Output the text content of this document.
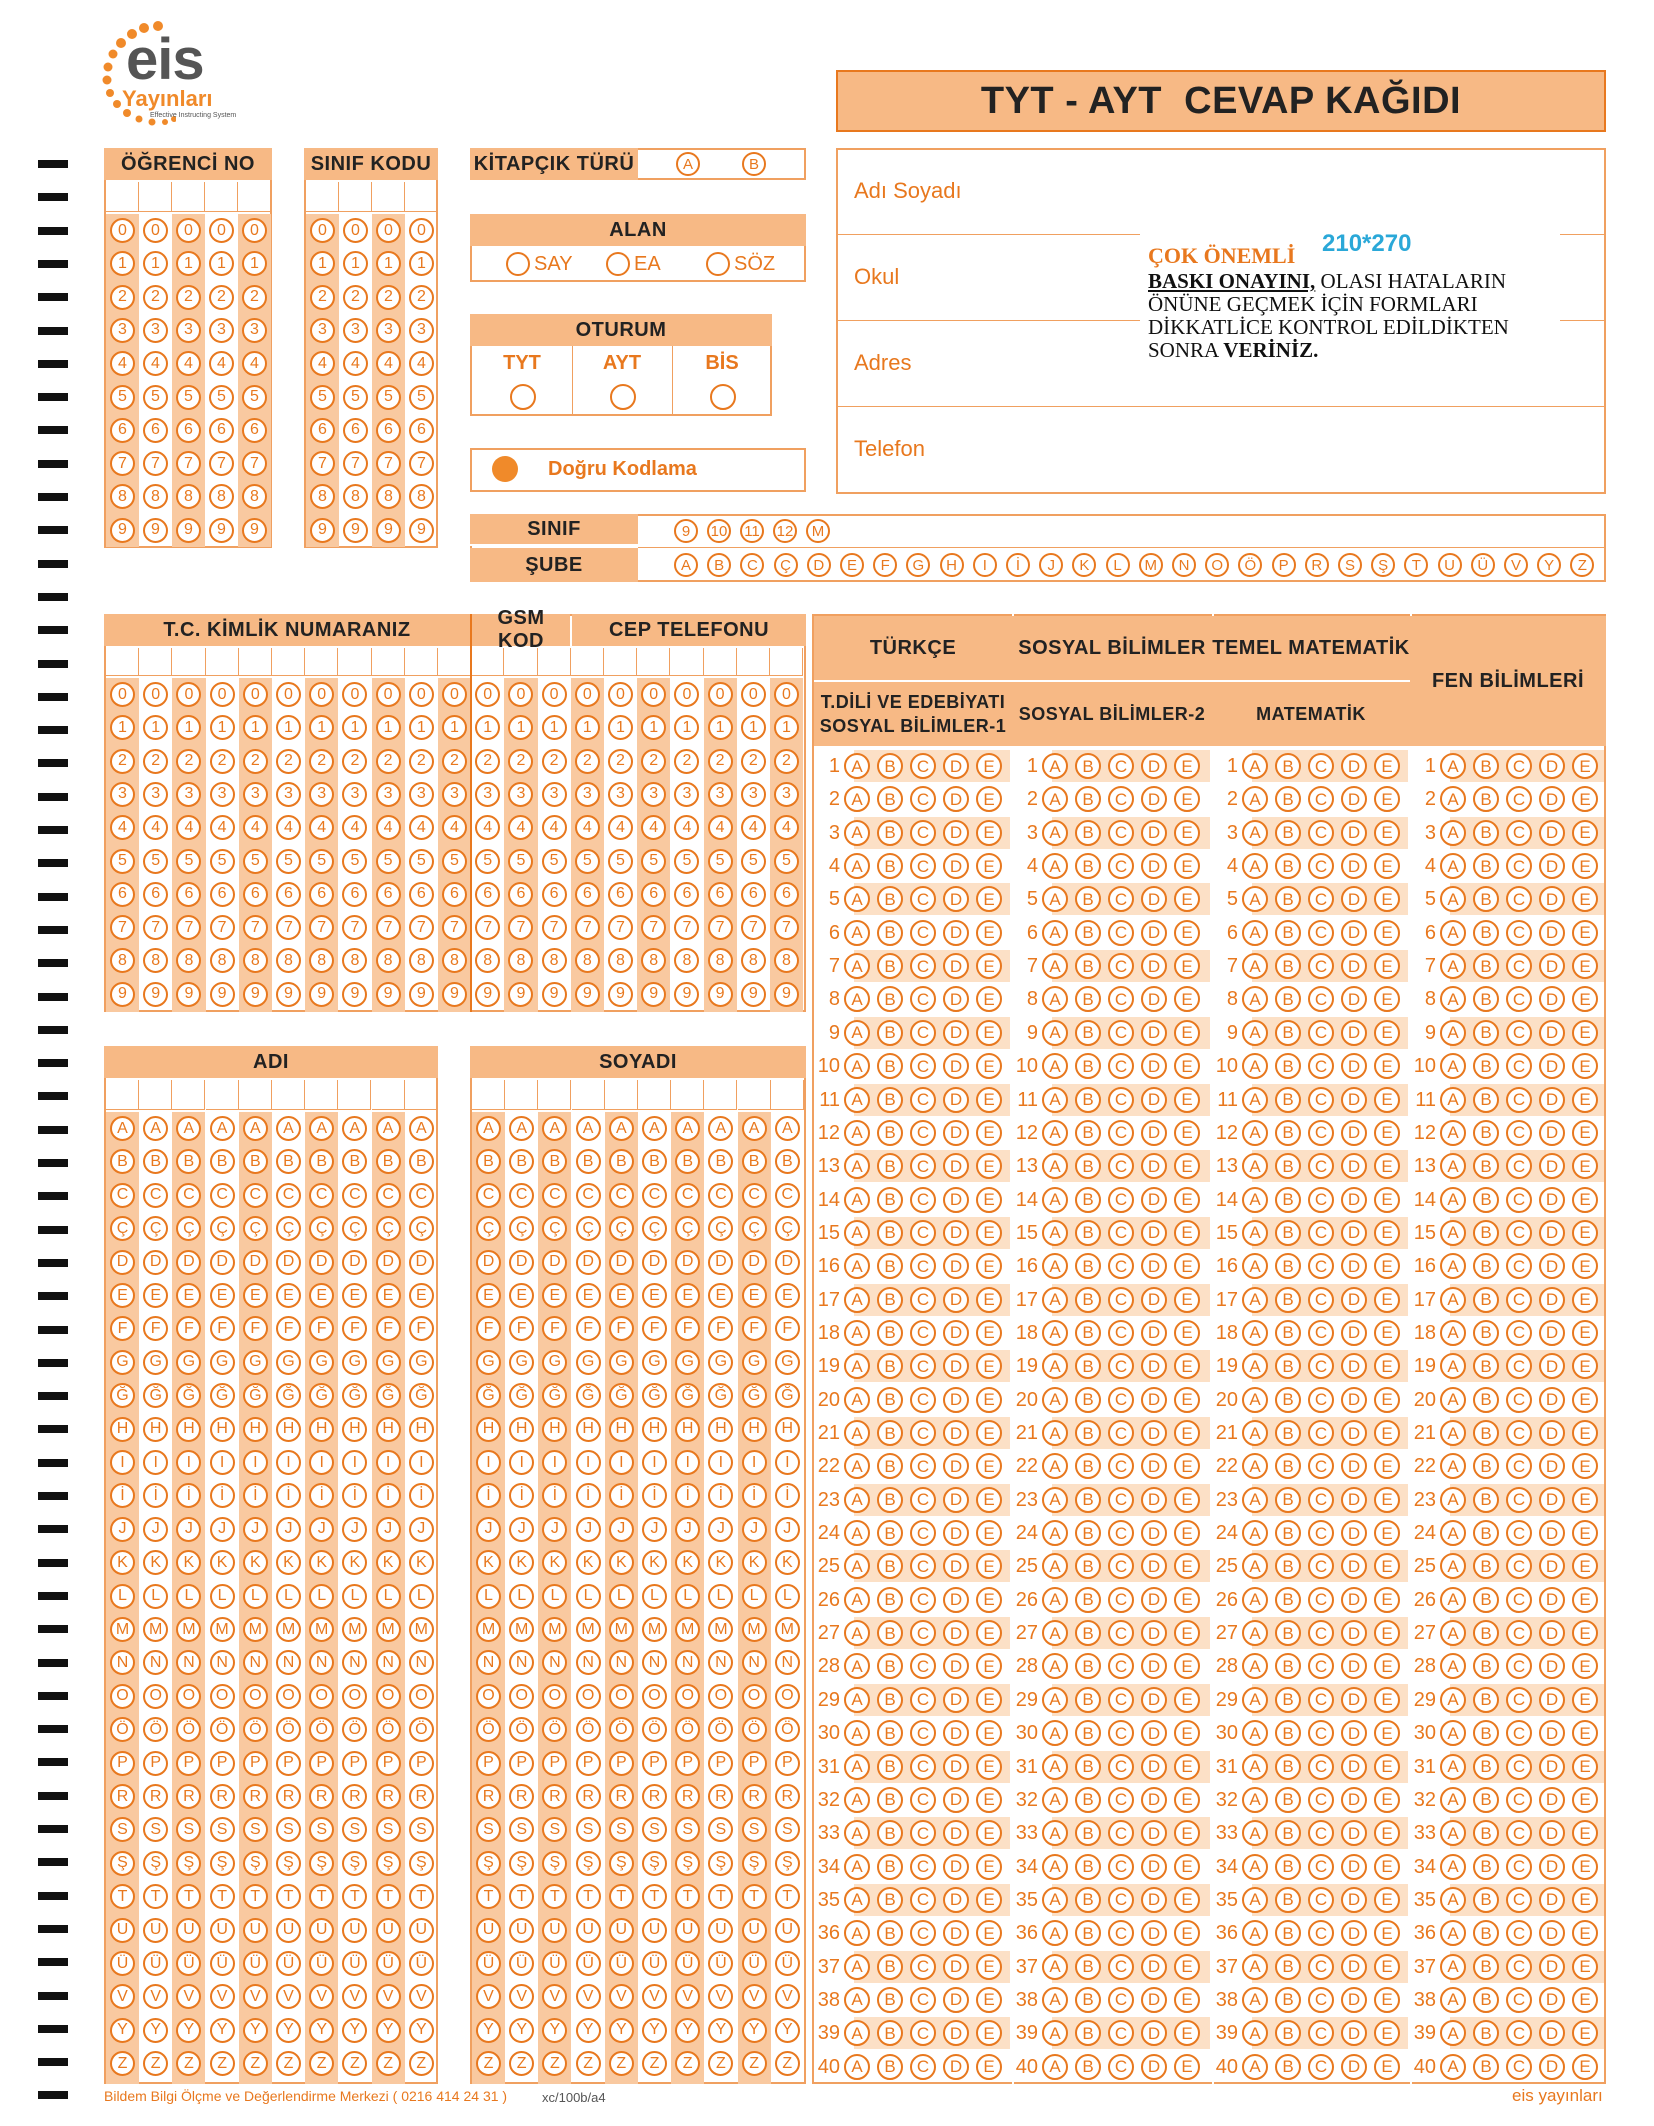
eis
Yayınları
Effective Instructing System	TYT - AYT  CEVAP KAĞIDI
ÖĞRENCİ NO
0	0	0	0	0
1	1	1	1	1
2	2	2	2	2
3	3	3	3	3
4	4	4	4	4
5	5	5	5	5
6	6	6	6	6
7	7	7	7	7
8	8	8	8	8
9	9	9	9	9
SINIF KODU
0	0	0	0
1	1	1	1
2	2	2	2
3	3	3	3
4	4	4	4
5	5	5	5
6	6	6	6
7	7	7	7
8	8	8	8
9	9	9	9
KİTAPÇIK TÜRÜ	A	B
ALAN
SAY	EA	SÖZ
OTURUM
TYT	AYT	BİS
Doğru Kodlama
Adı Soyadı
Okul
Adres
Telefon
210*270
ÇOK ÖNEMLİ
BASKI ONAYINI, OLASI HATALARIN
ÖNÜNE GEÇMEK İÇİN FORMLARI
DİKKATLİCE KONTROL EDİLDİKTEN
SONRA VERİNİZ.
SINIF
ŞUBE
9	10 11 12	M
A	B	C	Ç	D	E	F	G	H	I	İ	J	K	L	M	N	O	Ö	P	R	S	Ş	T	U	Ü	V	Y	Z
T.C. KİMLİK NUMARANIZ
GSM KOD
CEP TELEFONU
0	0	0	0	0	0	0	0	0	0	0	0	0	0	0	0	0	0	0	0	0
1	1	1	1	1	1	1	1	1	1	1	1	1	1	1	1	1	1	1	1	1
2	2	2	2	2	2	2	2	2	2	2	2	2	2	2	2	2	2	2	2	2
3	3	3	3	3	3	3	3	3	3	3	3	3	3	3	3	3	3	3	3	3
4	4	4	4	4	4	4	4	4	4	4	4	4	4	4	4	4	4	4	4	4
5	5	5	5	5	5	5	5	5	5	5	5	5	5	5	5	5	5	5	5	5
6	6	6	6	6	6	6	6	6	6	6	6	6	6	6	6	6	6	6	6	6
7	7	7	7	7	7	7	7	7	7	7	7	7	7	7	7	7	7	7	7	7
8	8	8	8	8	8	8	8	8	8	8	8	8	8	8	8	8	8	8	8	8
9	9	9	9	9	9	9	9	9	9	9	9	9	9	9	9	9	9	9	9	9
ADI	SOYADI
A	A	A	A	A	A	A	A	A	A
B	B	B	B	B	B	B	B	B	B
C	C	C	C	C	C	C	C	C	C
Ç	Ç	Ç	Ç	Ç	Ç	Ç	Ç	Ç	Ç
D	D	D	D	D	D	D	D	D	D
E	E	E	E	E	E	E	E	E	E
F	F	F	F	F	F	F	F	F	F
G	G	G	G	G	G	G	G	G	G
Ğ	Ğ	Ğ	Ğ	Ğ	Ğ	Ğ	Ğ	Ğ	Ğ
H	H	H	H	H	H	H	H	H	H
I	I	I	I	I	I	I	I	I	I
İ	İ	İ	İ	İ	İ	İ	İ	İ	İ
J	J	J	J	J	J	J	J	J	J
K	K	K	K	K	K	K	K	K	K
L	L	L	L	L	L	L	L	L	L
M	M	M	M	M	M	M	M	M	M
N	N	N	N	N	N	N	N	N	N
O	O	O	O	O	O	O	O	O	O
Ö	Ö	Ö	Ö	Ö	Ö	Ö	Ö	Ö	Ö
P	P	P	P	P	P	P	P	P	P
R	R	R	R	R	R	R	R	R	R
S	S	S	S	S	S	S	S	S	S
Ş	Ş	Ş	Ş	Ş	Ş	Ş	Ş	Ş	Ş
T	T	T	T	T	T	T	T	T	T
U	U	U	U	U	U	U	U	U	U
Ü	Ü	Ü	Ü	Ü	Ü	Ü	Ü	Ü	Ü
V	V	V	V	V	V	V	V	V	V
Y	Y	Y	Y	Y	Y	Y	Y	Y	Y
Z	Z	Z	Z	Z	Z	Z	Z	Z	Z
A	A	A	A	A	A	A	A	A	A
B	B	B	B	B	B	B	B	B	B
C	C	C	C	C	C	C	C	C	C
Ç	Ç	Ç	Ç	Ç	Ç	Ç	Ç	Ç	Ç
D	D	D	D	D	D	D	D	D	D
E	E	E	E	E	E	E	E	E	E
F	F	F	F	F	F	F	F	F	F
G	G	G	G	G	G	G	G	G	G
Ğ	Ğ	Ğ	Ğ	Ğ	Ğ	Ğ	Ğ	Ğ	Ğ
H	H	H	H	H	H	H	H	H	H
I	I	I	I	I	I	I	I	I	I
İ	İ	İ	İ	İ	İ	İ	İ	İ	İ
J	J	J	J	J	J	J	J	J	J
K	K	K	K	K	K	K	K	K	K
L	L	L	L	L	L	L	L	L	L
M	M	M	M	M	M	M	M	M	M
N	N	N	N	N	N	N	N	N	N
O	O	O	O	O	O	O	O	O	O
Ö	Ö	Ö	Ö	Ö	Ö	Ö	Ö	Ö	Ö
P	P	P	P	P	P	P	P	P	P
R	R	R	R	R	R	R	R	R	R
S	S	S	S	S	S	S	S	S	S
Ş	Ş	Ş	Ş	Ş	Ş	Ş	Ş	Ş	Ş
T	T	T	T	T	T	T	T	T	T
U	U	U	U	U	U	U	U	U	U
Ü	Ü	Ü	Ü	Ü	Ü	Ü	Ü	Ü	Ü
V	V	V	V	V	V	V	V	V	V
Y	Y	Y	Y	Y	Y	Y	Y	Y	Y
Z	Z	Z	Z	Z	Z	Z	Z	Z	Z
TÜRKÇE
T.DİLİ VE EDEBİYATI SOSYAL BİLİMLER-1
1 A	B	C	D	E
2 A	B	C	D	E
3 A	B	C	D	E
4 A	B	C	D	E
5 A	B	C	D	E
6 A	B	C	D	E
7 A	B	C	D	E
8 A	B	C	D	E
9 A	B	C	D	E
10 A	B	C	D	E
11 A	B	C	D	E
12 A	B	C	D	E
13 A	B	C	D	E
14 A	B	C	D	E
15 A	B	C	D	E
16 A	B	C	D	E
17 A	B	C	D	E
18 A	B	C	D	E
19 A	B	C	D	E
20 A	B	C	D	E
21 A	B	C	D	E
22 A	B	C	D	E
23 A	B	C	D	E
24 A	B	C	D	E
25 A	B	C	D	E
26 A	B	C	D	E
27 A	B	C	D	E
28 A	B	C	D	E
29 A	B	C	D	E
30 A	B	C	D	E
31 A	B	C	D	E
32 A	B	C	D	E
33 A	B	C	D	E
34 A	B	C	D	E
35 A	B	C	D	E
36 A	B	C	D	E
37 A	B	C	D	E
38 A	B	C	D	E
39 A	B	C	D	E
40 A	B	C	D	E
SOSYAL BİLİMLER
SOSYAL BİLİMLER-2
1 A	B	C	D	E
2 A	B	C	D	E
3 A	B	C	D	E
4 A	B	C	D	E
5 A	B	C	D	E
6 A	B	C	D	E
7 A	B	C	D	E
8 A	B	C	D	E
9 A	B	C	D	E
10 A	B	C	D	E
11 A	B	C	D	E
12 A	B	C	D	E
13 A	B	C	D	E
14 A	B	C	D	E
15 A	B	C	D	E
16 A	B	C	D	E
17 A	B	C	D	E
18 A	B	C	D	E
19 A	B	C	D	E
20 A	B	C	D	E
21 A	B	C	D	E
22 A	B	C	D	E
23 A	B	C	D	E
24 A	B	C	D	E
25 A	B	C	D	E
26 A	B	C	D	E
27 A	B	C	D	E
28 A	B	C	D	E
29 A	B	C	D	E
30 A	B	C	D	E
31 A	B	C	D	E
32 A	B	C	D	E
33 A	B	C	D	E
34 A	B	C	D	E
35 A	B	C	D	E
36 A	B	C	D	E
37 A	B	C	D	E
38 A	B	C	D	E
39 A	B	C	D	E
40 A	B	C	D	E
TEMEL MATEMATİK
MATEMATİK
1 A	B	C	D	E
2 A	B	C	D	E
3 A	B	C	D	E
4 A	B	C	D	E
5 A	B	C	D	E
6 A	B	C	D	E
7 A	B	C	D	E
8 A	B	C	D	E
9 A	B	C	D	E
10 A	B	C	D	E
11 A	B	C	D	E
12 A	B	C	D	E
13 A	B	C	D	E
14 A	B	C	D	E
15 A	B	C	D	E
16 A	B	C	D	E
17 A	B	C	D	E
18 A	B	C	D	E
19 A	B	C	D	E
20 A	B	C	D	E
21 A	B	C	D	E
22 A	B	C	D	E
23 A	B	C	D	E
24 A	B	C	D	E
25 A	B	C	D	E
26 A	B	C	D	E
27 A	B	C	D	E
28 A	B	C	D	E
29 A	B	C	D	E
30 A	B	C	D	E
31 A	B	C	D	E
32 A	B	C	D	E
33 A	B	C	D	E
34 A	B	C	D	E
35 A	B	C	D	E
36 A	B	C	D	E
37 A	B	C	D	E
38 A	B	C	D	E
39 A	B	C	D	E
40 A	B	C	D	E
FEN BİLİMLERİ
1 A	B	C	D	E
2 A	B	C	D	E
3 A	B	C	D	E
4 A	B	C	D	E
5 A	B	C	D	E
6 A	B	C	D	E
7 A	B	C	D	E
8 A	B	C	D	E
9 A	B	C	D	E
10 A	B	C	D	E
11 A	B	C	D	E
12 A	B	C	D	E
13 A	B	C	D	E
14 A	B	C	D	E
15 A	B	C	D	E
16 A	B	C	D	E
17 A	B	C	D	E
18 A	B	C	D	E
19 A	B	C	D	E
20 A	B	C	D	E
21 A	B	C	D	E
22 A	B	C	D	E
23 A	B	C	D	E
24 A	B	C	D	E
25 A	B	C	D	E
26 A	B	C	D	E
27 A	B	C	D	E
28 A	B	C	D	E
29 A	B	C	D	E
30 A	B	C	D	E
31 A	B	C	D	E
32 A	B	C	D	E
33 A	B	C	D	E
34 A	B	C	D	E
35 A	B	C	D	E
36 A	B	C	D	E
37 A	B	C	D	E
38 A	B	C	D	E
39 A	B	C	D	E
40 A	B	C	D	E
Bildem Bilgi Ölçme ve Değerlendirme Merkezi ( 0216 414 24 31 )	xc/100b/a4	eis yayınları
